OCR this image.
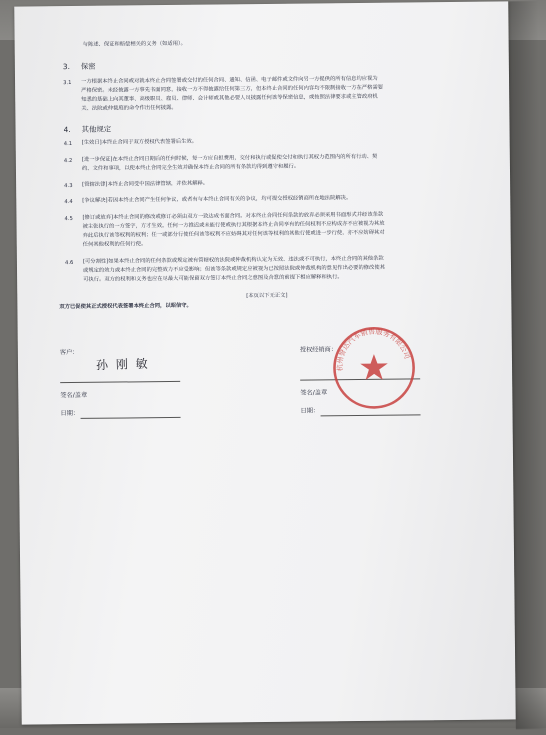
与陈述、保证和赔偿相关的义务（如适用）。
3. 保密
3.1 一方根据本终止合同或对就本终止合同签署或交付的任何合同、通知、信函、电子邮件或文件向另一方提供的所有信息均应视为
严格保密。未经披露一方事先书面同意，接收一方不得披露给任何第三方，但本终止合同的任何内容均不限制接收一方在严格需要
知悉的基础上向其董事、高级职员、雇员、律师、会计师或其他必要人员披露任何该等保密信息，或按照法律要求或主管政府机
关、法院或仲裁庭的命令作出任何披露。
4. 其他规定
4.1 [生效日]本终止合同于双方授权代表签署后生效。
4.2 [进一步保证]在本终止合同日期后的任何时候，每一方应自担费用，交付和执行或促使交付和执行其权力范围内的所有行动、契
约、文件和事项，以使本终止合同完全生效并确保本终止合同的所有条款均得到遵守和履行。
4.3 [管辖法律]本终止合同受中国法律管辖，并依其解释。
4.4 [争议解决]若因本终止合同产生任何争议，或者有与本终止合同有关的争议，均可提交授权经销商所在地法院解决。
4.5 [修订或放弃]本终止合同的修改或修订必须由双方一致达成书面合同。对本终止合同任何条款的放弃必须采用书面形式并经该条款
被主张执行的一方签字，方才生效。任何一方推迟或未能行使或执行其根据本终止合同享有的任何权利不应构成亦不应被视为其放
弃此后执行该等权利的权利；任一或部分行使任何该等权利不应妨碍其对任何该等权利的其他行使或进一步行使，亦不应妨碍其对
任何其他权利的任何行使。
4.6 [可分割性]如果本终止合同的任何条款或规定被有管辖权的法院或仲裁机构认定为无效、违法或不可执行，本终止合同的其他条款
或规定的效力或本终止合同的完整效力不应受影响；但该等条款或规定应被视为已按照法院或仲裁机构的意见作出必要的修改使其
可执行。双方的权利和义务也应在尽最大可能保留双方签订本终止合同之意图及合意的前提下相应解释和执行。
[本页以下无正文]
双方已促使其正式授权代表签署本终止合同，以昭信守。
客户：
签名/盖章
日期：
授权经销商：
签名/盖章
日期：
孙 刚 敏	杭州誉达汽车销售服务有限公司
